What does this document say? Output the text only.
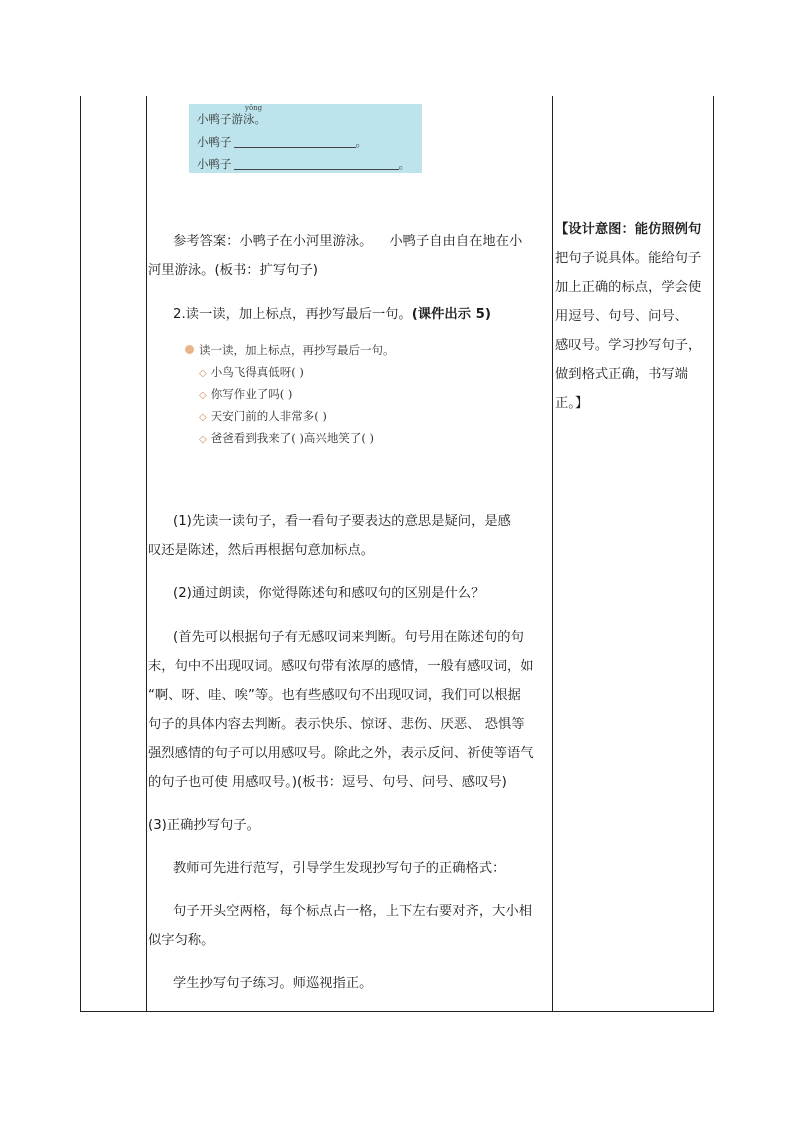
yǒng
小鸭子游泳。
小鸭子	。
小鸭子	。
参考答案：小鸭子在小河里游泳。    小鸭子自由自在地在小
河里游泳。(板书：扩写句子)
2.读一读，加上标点，再抄写最后一句。(课件出示 5)
读一读，加上标点，再抄写最后一句。
◇ 小鸟飞得真低呀( )
◇ 你写作业了吗( )
◇ 天安门前的人非常多( )
◇ 爸爸看到我来了( )高兴地笑了( )
(1)先读一读句子，看一看句子要表达的意思是疑问，是感
叹还是陈述，然后再根据句意加标点。
(2)通过朗读，你觉得陈述句和感叹句的区别是什么？
(首先可以根据句子有无感叹词来判断。句号用在陈述句的句
末，句中不出现叹词。感叹句带有浓厚的感情，一般有感叹词，如
“啊、呀、哇、唉”等。也有些感叹句不出现叹词，我们可以根据
句子的具体内容去判断。表示快乐、惊讶、悲伤、厌恶、 恐惧等
强烈感情的句子可以用感叹号。除此之外，表示反问、祈使等语气
的句子也可使 用感叹号。)(板书：逗号、句号、问号、感叹号)
(3)正确抄写句子。
教师可先进行范写，引导学生发现抄写句子的正确格式：
句子开头空两格，每个标点占一格，上下左右要对齐，大小相
似字匀称。
学生抄写句子练习。师巡视指正。
【设计意图：能仿照例句
把句子说具体。能给句子
加上正确的标点，学会使
用逗号、句号、问号、
感叹号。学习抄写句子，
做到格式正确，书写端
正。】
